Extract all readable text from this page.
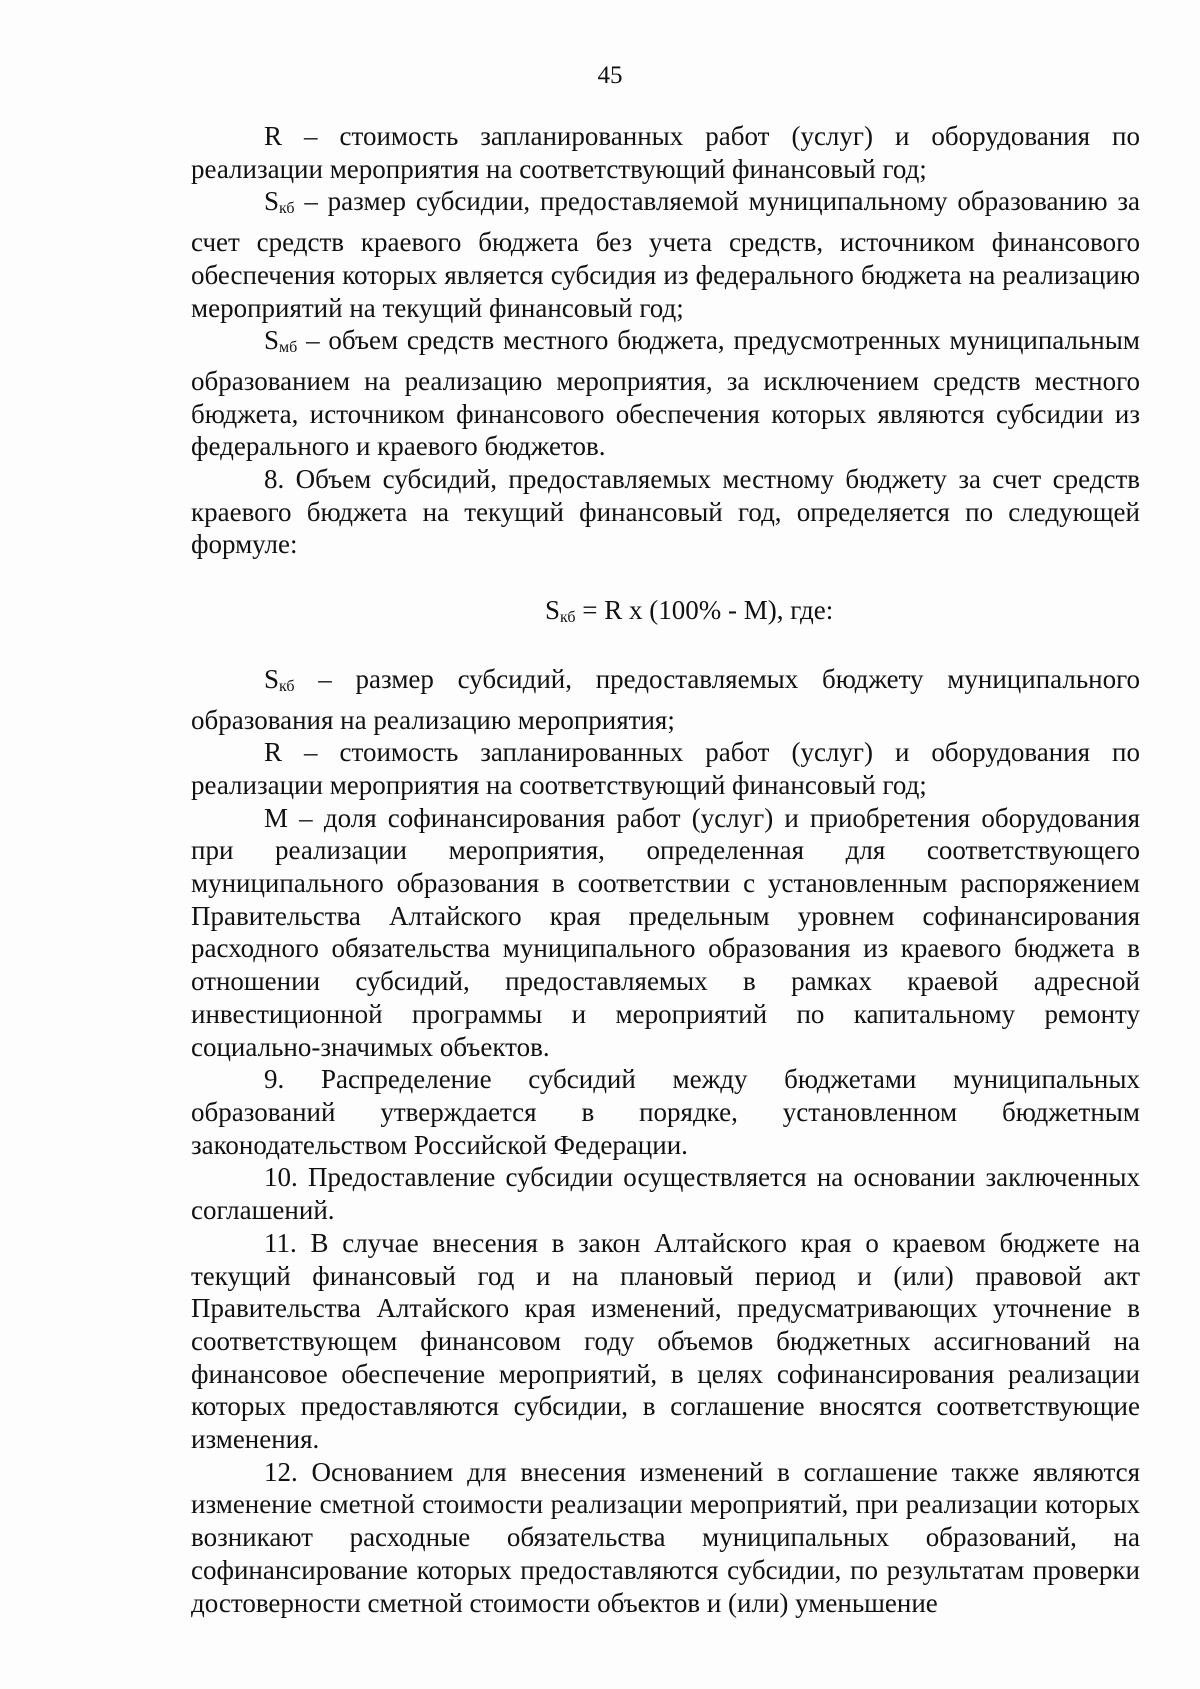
45

R – стоимость запланированных работ (услуг) и оборудования по реализации мероприятия на соответствующий финансовый год;

Sкб – размер субсидии, предоставляемой муниципальному образованию за счет средств краевого бюджета без учета средств, источником финансового обеспечения которых является субсидия из федерального бюджета на реализацию мероприятий на текущий финансовый год;

Sмб – объем средств местного бюджета, предусмотренных муниципальным образованием на реализацию мероприятия, за исключением средств местного бюджета, источником финансового обеспечения которых являются субсидии из федерального и краевого бюджетов.

8. Объем субсидий, предоставляемых местному бюджету за счет средств краевого бюджета на текущий финансовый год, определяется по следующей формуле:

Sкб = R x (100% - M), где:

Sкб – размер субсидий, предоставляемых бюджету муниципального образования на реализацию мероприятия;

R – стоимость запланированных работ (услуг) и оборудования по реализации мероприятия на соответствующий финансовый год;

M – доля софинансирования работ (услуг) и приобретения оборудования при реализации мероприятия, определенная для соответствующего муниципального образования в соответствии с установленным распоряжением Правительства Алтайского края предельным уровнем софинансирования расходного обязательства муниципального образования из краевого бюджета в отношении субсидий, предоставляемых в рамках краевой адресной инвестиционной программы и мероприятий по капитальному ремонту социально-значимых объектов.

9. Распределение субсидий между бюджетами муниципальных образований утверждается в порядке, установленном бюджетным законодательством Российской Федерации.

10. Предоставление субсидии осуществляется на основании заключенных соглашений.

11. В случае внесения в закон Алтайского края о краевом бюджете на текущий финансовый год и на плановый период и (или) правовой акт Правительства Алтайского края изменений, предусматривающих уточнение в соответствующем финансовом году объемов бюджетных ассигнований на финансовое обеспечение мероприятий, в целях софинансирования реализации которых предоставляются субсидии, в соглашение вносятся соответствующие изменения.

12. Основанием для внесения изменений в соглашение также являются изменение сметной стоимости реализации мероприятий, при реализации которых возникают расходные обязательства муниципальных образований, на софинансирование которых предоставляются субсидии, по результатам проверки достоверности сметной стоимости объектов и (или) уменьшение
